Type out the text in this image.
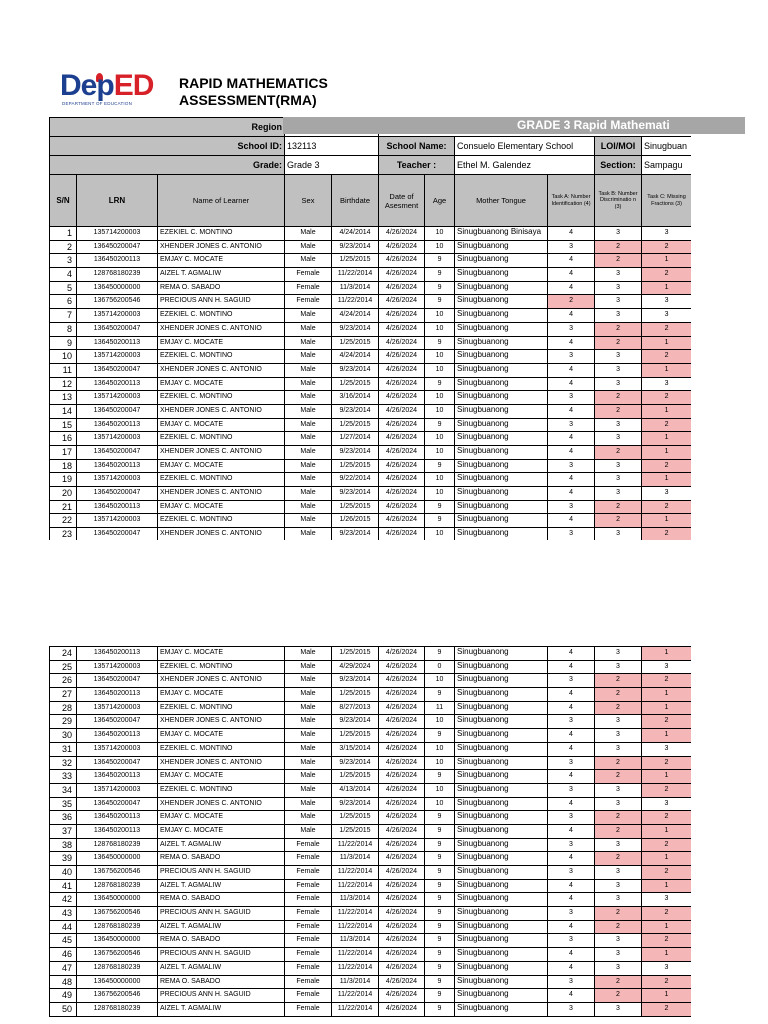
DepED
DEPARTMENT OF EDUCATION
RAPID MATHEMATICS
ASSESSMENT(RMA)
Region		
School ID:			132113		School Name:		Consuelo Elementary School		LOI/MOI	Sinugbuan
Grade:			Grade 3		Teacher :		Ethel M. Galendez		Section:	Sampagu
S/N	LRN	Name of Learner	Sex	Birthdate	Date of Asesment	Age	Mother Tongue	Task A: Number Identification (4)	Task B: Number Discriminatio n (3)	Task C: Missing Fractions (3)
1	135714200003	EZEKIEL C. MONTINO	Male	4/24/2014	4/26/2024	10	Sinugbuanong Binisaya	4	3	3
2	136450200047	XHENDER JONES C. ANTONIO	Male	9/23/2014	4/26/2024	10	Sinugbuanong	3	2	2
3	136450200113	EMJAY C. MOCATE	Male	1/25/2015	4/26/2024	9	Sinugbuanong	4	2	1
4	128768180239	AIZEL T. AGMALIW	Female	11/22/2014	4/26/2024	9	Sinugbuanong	4	3	2
5	136450000000	REMA O. SABADO	Female	11/3/2014	4/26/2024	9	Sinugbuanong	4	3	1
6	136756200546	PRECIOUS ANN H. SAGUID	Female	11/22/2014	4/26/2024	9	Sinugbuanong	2	3	3
7	135714200003	EZEKIEL C. MONTINO	Male	4/24/2014	4/26/2024	10	Sinugbuanong	4	3	3
8	136450200047	XHENDER JONES C. ANTONIO	Male	9/23/2014	4/26/2024	10	Sinugbuanong	3	2	2
9	136450200113	EMJAY C. MOCATE	Male	1/25/2015	4/26/2024	9	Sinugbuanong	4	2	1
10	135714200003	EZEKIEL C. MONTINO	Male	4/24/2014	4/26/2024	10	Sinugbuanong	3	3	2
11	136450200047	XHENDER JONES C. ANTONIO	Male	9/23/2014	4/26/2024	10	Sinugbuanong	4	3	1
12	136450200113	EMJAY C. MOCATE	Male	1/25/2015	4/26/2024	9	Sinugbuanong	4	3	3
13	135714200003	EZEKIEL C. MONTINO	Male	3/16/2014	4/26/2024	10	Sinugbuanong	3	2	2
14	136450200047	XHENDER JONES C. ANTONIO	Male	9/23/2014	4/26/2024	10	Sinugbuanong	4	2	1
15	136450200113	EMJAY C. MOCATE	Male	1/25/2015	4/26/2024	9	Sinugbuanong	3	3	2
16	135714200003	EZEKIEL C. MONTINO	Male	1/27/2014	4/26/2024	10	Sinugbuanong	4	3	1
17	136450200047	XHENDER JONES C. ANTONIO	Male	9/23/2014	4/26/2024	10	Sinugbuanong	4	2	1
18	136450200113	EMJAY C. MOCATE	Male	1/25/2015	4/26/2024	9	Sinugbuanong	3	3	2
19	135714200003	EZEKIEL C. MONTINO	Male	9/22/2014	4/26/2024	10	Sinugbuanong	4	3	1
20	136450200047	XHENDER JONES C. ANTONIO	Male	9/23/2014	4/26/2024	10	Sinugbuanong	4	3	3
21	136450200113	EMJAY C. MOCATE	Male	1/25/2015	4/26/2024	9	Sinugbuanong	3	2	2
22	135714200003	EZEKIEL C. MONTINO	Male	1/26/2015	4/26/2024	9	Sinugbuanong	4	2	1
23	136450200047	XHENDER JONES C. ANTONIO	Male	9/23/2014	4/26/2024	10	Sinugbuanong	3	3	2
GRADE 3 Rapid Mathemati
24	136450200113	EMJAY C. MOCATE	Male	1/25/2015	4/26/2024	9	Sinugbuanong	4	3	1
25	135714200003	EZEKIEL C. MONTINO	Male	4/29/2024	4/26/2024	0	Sinugbuanong	4	3	3
26	136450200047	XHENDER JONES C. ANTONIO	Male	9/23/2014	4/26/2024	10	Sinugbuanong	3	2	2
27	136450200113	EMJAY C. MOCATE	Male	1/25/2015	4/26/2024	9	Sinugbuanong	4	2	1
28	135714200003	EZEKIEL C. MONTINO	Male	8/27/2013	4/26/2024	11	Sinugbuanong	4	2	1
29	136450200047	XHENDER JONES C. ANTONIO	Male	9/23/2014	4/26/2024	10	Sinugbuanong	3	3	2
30	136450200113	EMJAY C. MOCATE	Male	1/25/2015	4/26/2024	9	Sinugbuanong	4	3	1
31	135714200003	EZEKIEL C. MONTINO	Male	3/15/2014	4/26/2024	10	Sinugbuanong	4	3	3
32	136450200047	XHENDER JONES C. ANTONIO	Male	9/23/2014	4/26/2024	10	Sinugbuanong	3	2	2
33	136450200113	EMJAY C. MOCATE	Male	1/25/2015	4/26/2024	9	Sinugbuanong	4	2	1
34	135714200003	EZEKIEL C. MONTINO	Male	4/13/2014	4/26/2024	10	Sinugbuanong	3	3	2
35	136450200047	XHENDER JONES C. ANTONIO	Male	9/23/2014	4/26/2024	10	Sinugbuanong	4	3	3
36	136450200113	EMJAY C. MOCATE	Male	1/25/2015	4/26/2024	9	Sinugbuanong	3	2	2
37	136450200113	EMJAY C. MOCATE	Male	1/25/2015	4/26/2024	9	Sinugbuanong	4	2	1
38	128768180239	AIZEL T. AGMALIW	Female	11/22/2014	4/26/2024	9	Sinugbuanong	3	3	2
39	136450000000	REMA O. SABADO	Female	11/3/2014	4/26/2024	9	Sinugbuanong	4	2	1
40	136756200546	PRECIOUS ANN H. SAGUID	Female	11/22/2014	4/26/2024	9	Sinugbuanong	3	3	2
41	128768180239	AIZEL T. AGMALIW	Female	11/22/2014	4/26/2024	9	Sinugbuanong	4	3	1
42	136450000000	REMA O. SABADO	Female	11/3/2014	4/26/2024	9	Sinugbuanong	4	3	3
43	136756200546	PRECIOUS ANN H. SAGUID	Female	11/22/2014	4/26/2024	9	Sinugbuanong	3	2	2
44	128768180239	AIZEL T. AGMALIW	Female	11/22/2014	4/26/2024	9	Sinugbuanong	4	2	1
45	136450000000	REMA O. SABADO	Female	11/3/2014	4/26/2024	9	Sinugbuanong	3	3	2
46	136756200546	PRECIOUS ANN H. SAGUID	Female	11/22/2014	4/26/2024	9	Sinugbuanong	4	3	1
47	128768180239	AIZEL T. AGMALIW	Female	11/22/2014	4/26/2024	9	Sinugbuanong	4	3	3
48	136450000000	REMA O. SABADO	Female	11/3/2014	4/26/2024	9	Sinugbuanong	3	2	2
49	136756200546	PRECIOUS ANN H. SAGUID	Female	11/22/2014	4/26/2024	9	Sinugbuanong	4	2	1
50	128768180239	AIZEL T. AGMALIW	Female	11/22/2014	4/26/2024	9	Sinugbuanong	3	3	2
